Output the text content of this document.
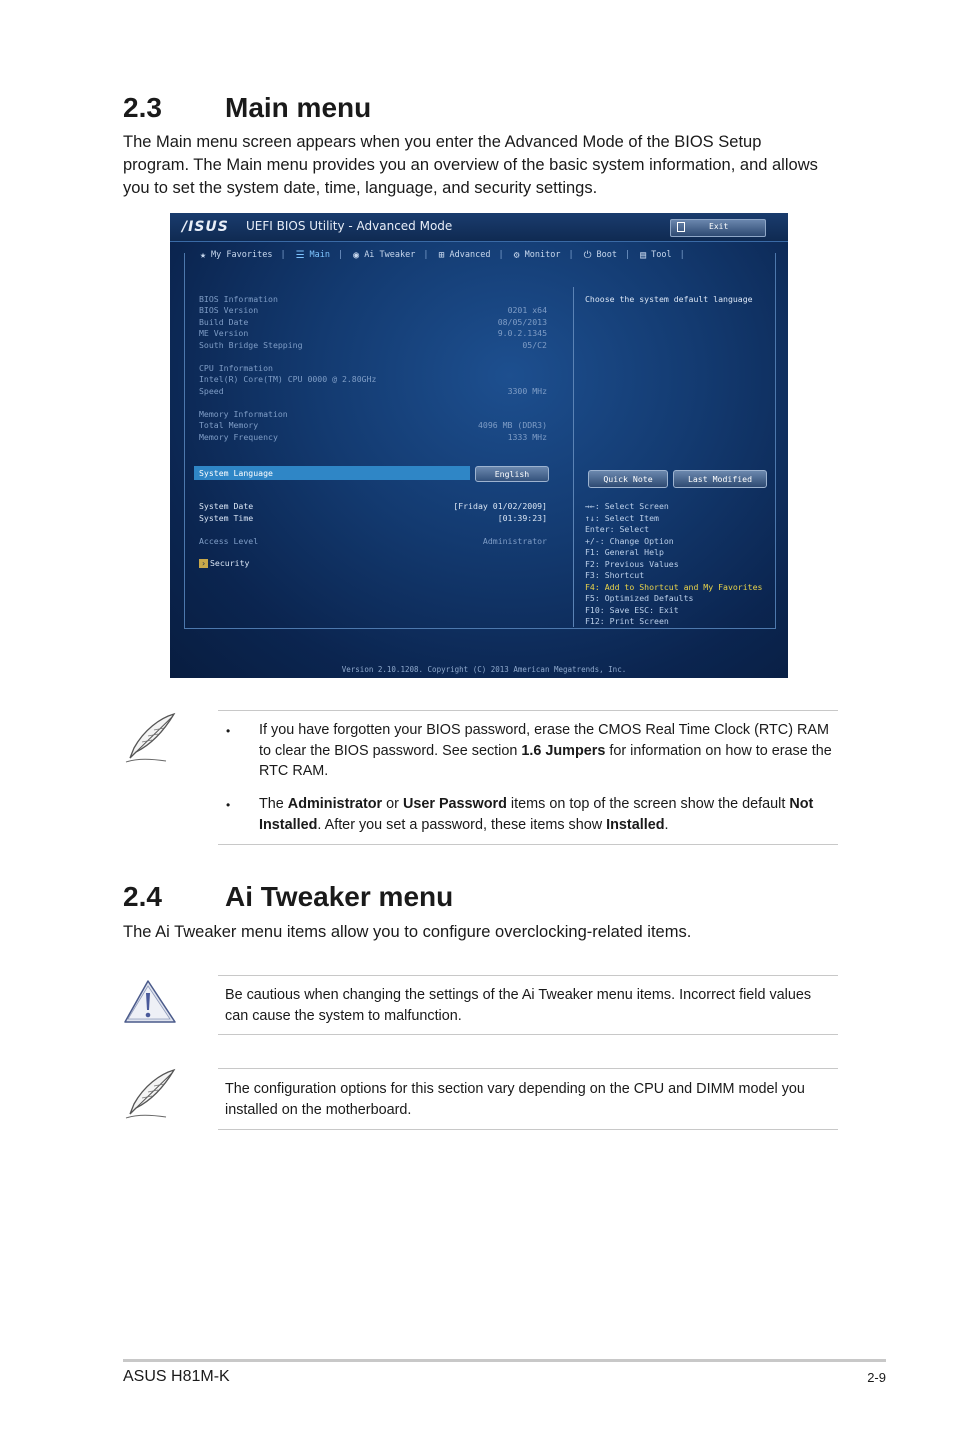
2.3 Main menu

The Main menu screen appears when you enter the Advanced Mode of the BIOS Setup program. The Main menu provides you an overview of the basic system information, and allows you to set the system date, time, language, and security settings.

/ISUS UEFI BIOS Utility - Advanced Mode	Exit
★ My Favorites | ☰ Main | ◉ Ai Tweaker | ⊞ Advanced | ⚙ Monitor | ⏻ Boot | ▤ Tool |
BIOS Information
BIOS Version	0201 x64
Build Date	08/05/2013
ME Version	9.0.2.1345
South Bridge Stepping	05/C2
CPU Information
Intel(R) Core(TM) CPU 0000 @ 2.80GHz
Speed	3300 MHz
Memory Information
Total Memory	4096 MB (DDR3)
Memory Frequency	1333 MHz
System Language	English
System Date	[Friday 01/02/2009]
System Time	[01:39:23]
Access Level	Administrator
› Security
Choose the system default language
Quick Note	Last Modified
→←: Select Screen
↑↓: Select Item
Enter: Select
+/-: Change Option
F1: General Help
F2: Previous Values
F3: Shortcut
F4: Add to Shortcut and My Favorites
F5: Optimized Defaults
F10: Save ESC: Exit
F12: Print Screen
Version 2.10.1208. Copyright (C) 2013 American Megatrends, Inc.
• If you have forgotten your BIOS password, erase the CMOS Real Time Clock (RTC) RAM to clear the BIOS password. See section 1.6 Jumpers for information on how to erase the RTC RAM.

• The Administrator or User Password items on top of the screen show the default Not Installed. After you set a password, these items show Installed.

2.4 Ai Tweaker menu

The Ai Tweaker menu items allow you to configure overclocking-related items.

Be cautious when changing the settings of the Ai Tweaker menu items. Incorrect field values can cause the system to malfunction.

The configuration options for this section vary depending on the CPU and DIMM model you installed on the motherboard.

ASUS H81M-K	2-9
